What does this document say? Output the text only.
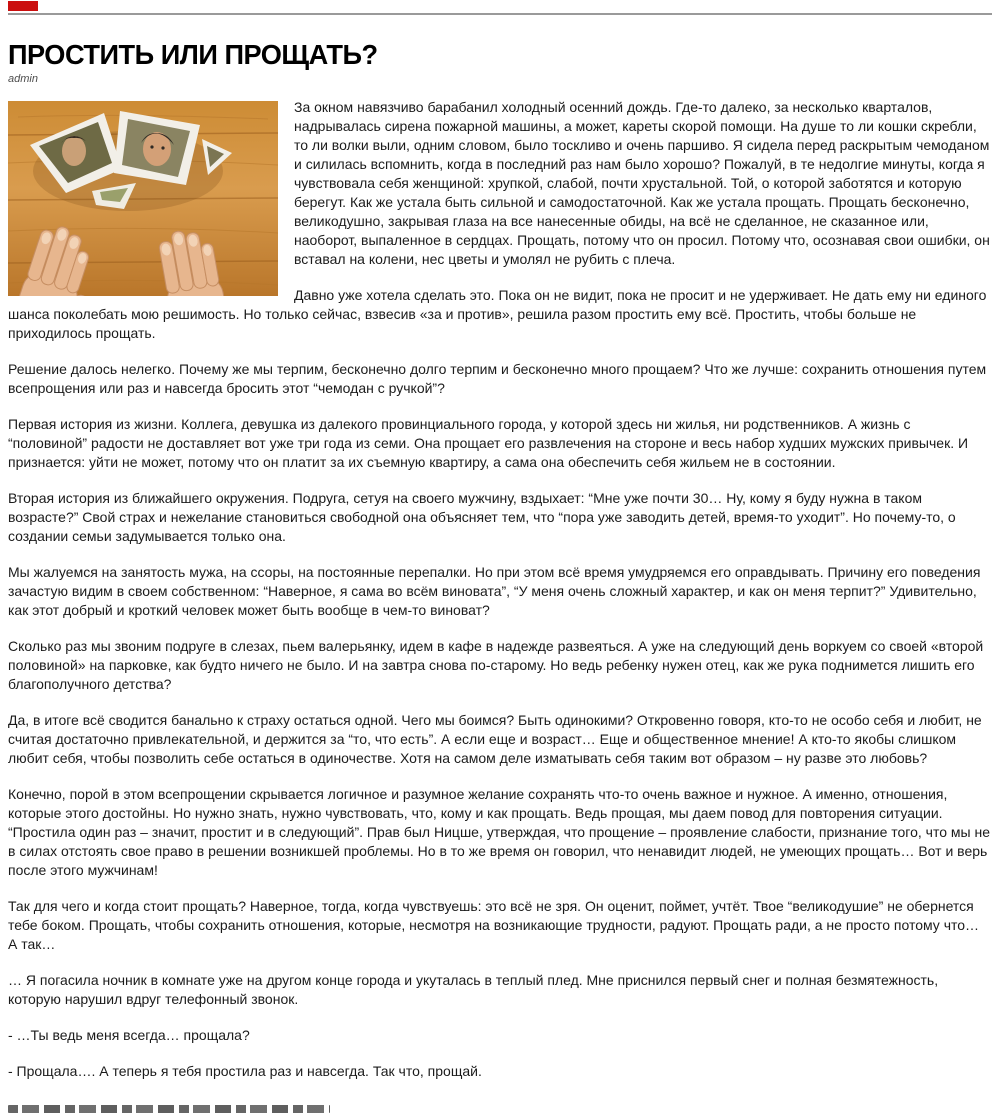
ПРОСТИТЬ ИЛИ ПРОЩАТЬ?
admin

За окном навязчиво барабанил холодный осенний дождь. Где-то далеко, за несколько кварталов, надрывалась сирена пожарной машины, а может, кареты скорой помощи. На душе то ли кошки скребли, то ли волки выли, одним словом, было тоскливо и очень паршиво. Я сидела перед раскрытым чемоданом и силилась вспомнить, когда в последний раз нам было хорошо? Пожалуй, в те недолгие минуты, когда я чувствовала себя женщиной: хрупкой, слабой, почти хрустальной. Той, о которой заботятся и которую берегут. Как же устала быть сильной и самодостаточной. Как же устала прощать. Прощать бесконечно, великодушно, закрывая глаза на все нанесенные обиды, на всё не сделанное, не сказанное или, наоборот, выпаленное в сердцах. Прощать, потому что он просил. Потому что, осознавая свои ошибки, он вставал на колени, нес цветы и умолял не рубить с плеча.

Давно уже хотела сделать это. Пока он не видит, пока не просит и не удерживает. Не дать ему ни единого шанса поколебать мою решимость. Но только сейчас, взвесив «за и против», решила разом простить ему всё. Простить, чтобы больше не приходилось прощать.

Решение далось нелегко. Почему же мы терпим, бесконечно долго терпим и бесконечно много прощаем? Что же лучше: сохранить отношения путем всепрощения или раз и навсегда бросить этот “чемодан с ручкой”?

Первая история из жизни. Коллега, девушка из далекого провинциального города, у которой здесь ни жилья, ни родственников. А жизнь с “половиной” радости не доставляет вот уже три года из семи. Она прощает его развлечения на стороне и весь набор худших мужских привычек. И признается: уйти не может, потому что он платит за их съемную квартиру, а сама она обеспечить себя жильем не в состоянии.

Вторая история из ближайшего окружения. Подруга, сетуя на своего мужчину, вздыхает: “Мне уже почти 30… Ну, кому я буду нужна в таком возрасте?” Свой страх и нежелание становиться свободной она объясняет тем, что “пора уже заводить детей, время-то уходит”. Но почему-то, о создании семьи задумывается только она.

Мы жалуемся на занятость мужа, на ссоры, на постоянные перепалки. Но при этом всё время умудряемся его оправдывать. Причину его поведения зачастую видим в своем собственном: “Наверное, я сама во всём виновата”, “У меня очень сложный характер, и как он меня терпит?” Удивительно, как этот добрый и кроткий человек может быть вообще в чем-то виноват?

Сколько раз мы звоним подруге в слезах, пьем валерьянку, идем в кафе в надежде развеяться. А уже на следующий день воркуем со своей «второй половиной» на парковке, как будто ничего не было. И на завтра снова по-старому. Но ведь ребенку нужен отец, как же рука поднимется лишить его благополучного детства?

Да, в итоге всё сводится банально к страху остаться одной. Чего мы боимся? Быть одинокими? Откровенно говоря, кто-то не особо себя и любит, не считая достаточно привлекательной, и держится за “то, что есть”. А если еще и возраст… Еще и общественное мнение! А кто-то якобы слишком любит себя, чтобы позволить себе остаться в одиночестве. Хотя на самом деле изматывать себя таким вот образом – ну разве это любовь?

Конечно, порой в этом всепрощении скрывается логичное и разумное желание сохранять что-то очень важное и нужное. А именно, отношения, которые этого достойны. Но нужно знать, нужно чувствовать, что, кому и как прощать. Ведь прощая, мы даем повод для повторения ситуации. “Простила один раз – значит, простит и в следующий”. Прав был Ницше, утверждая, что прощение – проявление слабости, признание того, что мы не в силах отстоять свое право в решении возникшей проблемы. Но в то же время он говорил, что ненавидит людей, не умеющих прощать… Вот и верь после этого мужчинам!

Так для чего и когда стоит прощать? Наверное, тогда, когда чувствуешь: это всё не зря. Он оценит, поймет, учтёт. Твое “великодушие” не обернется тебе боком. Прощать, чтобы сохранить отношения, которые, несмотря на возникающие трудности, радуют. Прощать ради, а не просто потому что… А так…

… Я погасила ночник в комнате уже на другом конце города и укуталась в теплый плед. Мне приснился первый снег и полная безмятежность, которую нарушил вдруг телефонный звонок.

- …Ты ведь меня всегда… прощала?

- Прощала…. А теперь я тебя простила раз и навсегда. Так что, прощай.
